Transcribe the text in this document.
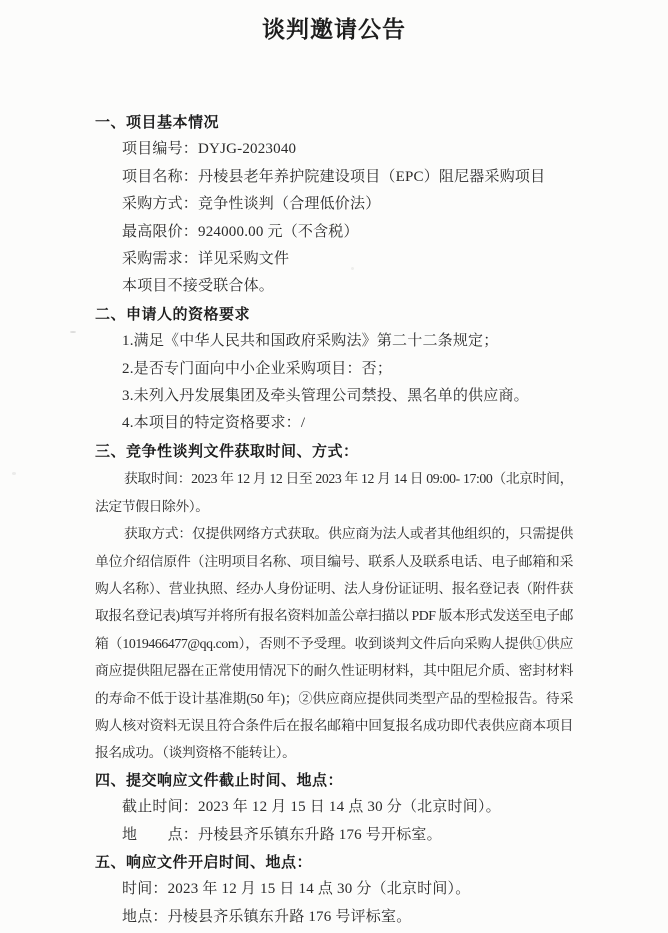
谈判邀请公告
一、项目基本情况

项目编号：DYJG-2023040

项目名称：丹棱县老年养护院建设项目（EPC）阻尼器采购项目

采购方式：竞争性谈判（合理低价法）

最高限价：924000.00 元（不含税）

采购需求：详见采购文件

本项目不接受联合体。

二、申请人的资格要求

1.满足《中华人民共和国政府采购法》第二十二条规定；

2.是否专门面向中小企业采购项目：否；

3.未列入丹发展集团及牵头管理公司禁投、黑名单的供应商。

4.本项目的特定资格要求：/

三、竞争性谈判文件获取时间、方式：

获取时间：2023 年 12 月 12 日至 2023 年 12 月 14 日 09:00- 17:00（北京时间，法定节假日除外）。

获取方式：仅提供网络方式获取。供应商为法人或者其他组织的，只需提供单位介绍信原件（注明项目名称、项目编号、联系人及联系电话、电子邮箱和采购人名称）、营业执照、经办人身份证明、法人身份证证明、报名登记表（附件获取报名登记表)填写并将所有报名资料加盖公章扫描以 PDF 版本形式发送至电子邮箱（1019466477@qq.com），否则不予受理。收到谈判文件后向采购人提供①供应商应提供阻尼器在正常使用情况下的耐久性证明材料，其中阻尼介质、密封材料的寿命不低于设计基准期(50 年)；②供应商应提供同类型产品的型检报告。待采购人核对资料无误且符合条件后在报名邮箱中回复报名成功即代表供应商本项目报名成功。（谈判资格不能转让）。

四、提交响应文件截止时间、地点：

截止时间：2023 年 12 月 15 日 14 点 30 分（北京时间）。

地　　点：丹棱县齐乐镇东升路 176 号开标室。

五、响应文件开启时间、地点：

时间：2023 年 12 月 15 日 14 点 30 分（北京时间）。

地点：丹棱县齐乐镇东升路 176 号评标室。
